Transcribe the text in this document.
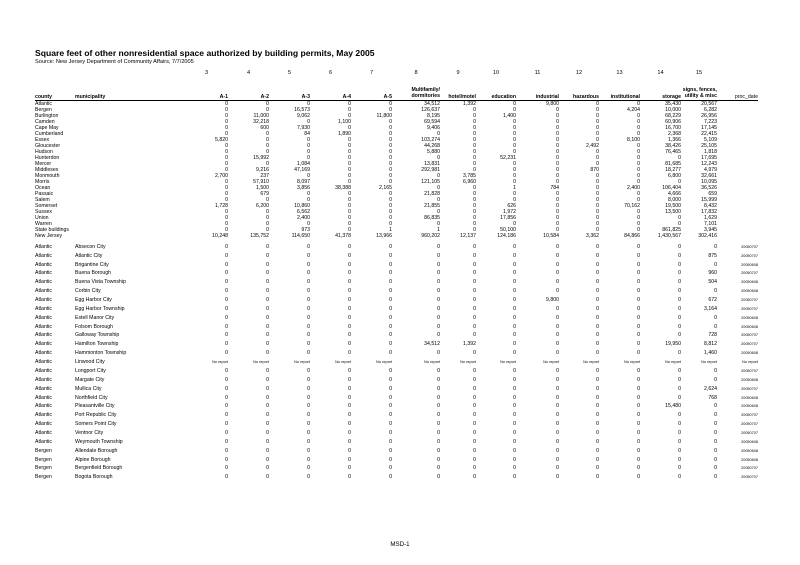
Square feet of other nonresidential space authorized by building permits, May 2005
Source: New Jersey Department of Community Affairs, 7/7/2005
		3	4	5	6	7	8	9	10	11	12	13	14	15	
county	municipality	A-1	A-2	A-3	A-4	A-5	Multifamily/ dormitories	hotel/motel	education	industrial	hazardous	institutional	storage	signs, fences, utility & misc	proc_date
Atlantic		0	0	0	0	0	34,512	1,392	0	9,800	0	0	35,430	20,567	
Bergen		0	0	16,573	0	0	126,637	0	0	0	0	4,204	10,000	6,282	
Burlington		0	11,000	9,062	0	11,800	8,195	0	1,400	0	0	0	68,229	26,956	
Camden		0	32,218	0	1,100	0	69,594	0	0	0	0	0	60,906	7,223	
Cape May		0	600	7,930	0	0	9,406	0	0	0	0	0	16,700	17,145	
Cumberland		0	0	84	1,890	0	0	0	0	0	0	0	2,368	22,415	
Essex		5,820	0	0	0	0	103,274	0	0	0	0	8,100	1,366	5,109	
Gloucester		0	0	0	0	0	44,268	0	0	0	2,492	0	38,426	25,105	
Hudson		0	0	0	0	0	5,880	0	0	0	0	0	76,465	1,818	
Hunterdon		0	15,992	0	0	0	0	0	52,231	0	0	0	0	17,695	
Mercer		0	0	1,084	0	0	13,831	0	0	0	0	0	81,685	12,243	
Middlesex		0	9,216	47,169	0	0	292,981	0	0	0	870	0	18,277	4,979	
Monmouth		2,700	237	0	0	0	0	3,785	0	0	0	0	6,800	32,661	
Morris		0	57,910	8,097	0	0	121,105	6,960	0	0	0	0	0	10,095	
Ocean		0	1,500	3,856	38,388	2,165	0	0	1	784	0	2,400	106,404	36,526	
Passaic		0	679	0	0	0	21,828	0	0	0	0	0	4,666	659	
Salem		0	0	0	0	0	0	0	0	0	0	0	8,000	15,999	
Somerset		1,728	6,200	10,860	0	0	21,855	0	626	0	0	70,162	19,500	8,432	
Sussex		0	0	6,562	0	0	0	0	1,972	0	0	0	13,500	17,832	
Union		0	0	2,400	0	0	86,835	0	17,856	0	0	0	0	1,629	
Warren		0	0	0	0	0	0	0	0	0	0	0	0	7,101	
State buildings		0	0	973	0	1	1	0	50,100	0	0	0	861,825	3,945	
New Jersey		10,248	135,752	114,650	41,378	13,966	960,202	12,137	124,186	10,584	3,362	84,866	1,430,567	302,416	

Atlantic	Absecon City	0	0	0	0	0	0	0	0	0	0	0	0	0	20050707
Atlantic	Atlantic City	0	0	0	0	0	0	0	0	0	0	0	0	875	20050707
Atlantic	Brigantine City	0	0	0	0	0	0	0	0	0	0	0	0	0	20050608
Atlantic	Buena Borough	0	0	0	0	0	0	0	0	0	0	0	0	960	20050707
Atlantic	Buena Vista Township	0	0	0	0	0	0	0	0	0	0	0	0	504	20050608
Atlantic	Corbin City	0	0	0	0	0	0	0	0	0	0	0	0	0	20050608
Atlantic	Egg Harbor City	0	0	0	0	0	0	0	0	9,800	0	0	0	672	20050707
Atlantic	Egg Harbor Township	0	0	0	0	0	0	0	0	0	0	0	0	3,164	20050707
Atlantic	Estell Manor City	0	0	0	0	0	0	0	0	0	0	0	0	0	20050608
Atlantic	Folsom Borough	0	0	0	0	0	0	0	0	0	0	0	0	0	20050608
Atlantic	Galloway Township	0	0	0	0	0	0	0	0	0	0	0	0	728	20050707
Atlantic	Hamilton Township	0	0	0	0	0	34,512	1,392	0	0	0	0	19,950	8,812	20050707
Atlantic	Hammonton Township	0	0	0	0	0	0	0	0	0	0	0	0	1,460	20050608
Atlantic	Linwood City	No report	No report	No report	No report	No report	No report	No report	No report	No report	No report	No report	No report	No report	No report
Atlantic	Longport City	0	0	0	0	0	0	0	0	0	0	0	0	0	20050707
Atlantic	Margate City	0	0	0	0	0	0	0	0	0	0	0	0	0	20050608
Atlantic	Mullica City	0	0	0	0	0	0	0	0	0	0	0	0	2,624	20050707
Atlantic	Northfield City	0	0	0	0	0	0	0	0	0	0	0	0	768	20050608
Atlantic	Pleasantville City	0	0	0	0	0	0	0	0	0	0	0	15,480	0	20050608
Atlantic	Port Republic City	0	0	0	0	0	0	0	0	0	0	0	0	0	20050707
Atlantic	Somers Point City	0	0	0	0	0	0	0	0	0	0	0	0	0	20050707
Atlantic	Ventnor City	0	0	0	0	0	0	0	0	0	0	0	0	0	20050707
Atlantic	Weymouth Township	0	0	0	0	0	0	0	0	0	0	0	0	0	20050608
Bergen	Allendale Borough	0	0	0	0	0	0	0	0	0	0	0	0	0	20050608
Bergen	Alpine Borough	0	0	0	0	0	0	0	0	0	0	0	0	0	20050608
Bergen	Bergenfield Borough	0	0	0	0	0	0	0	0	0	0	0	0	0	20050707
Bergen	Bogota Borough	0	0	0	0	0	0	0	0	0	0	0	0	0	20050707
MSD-1
